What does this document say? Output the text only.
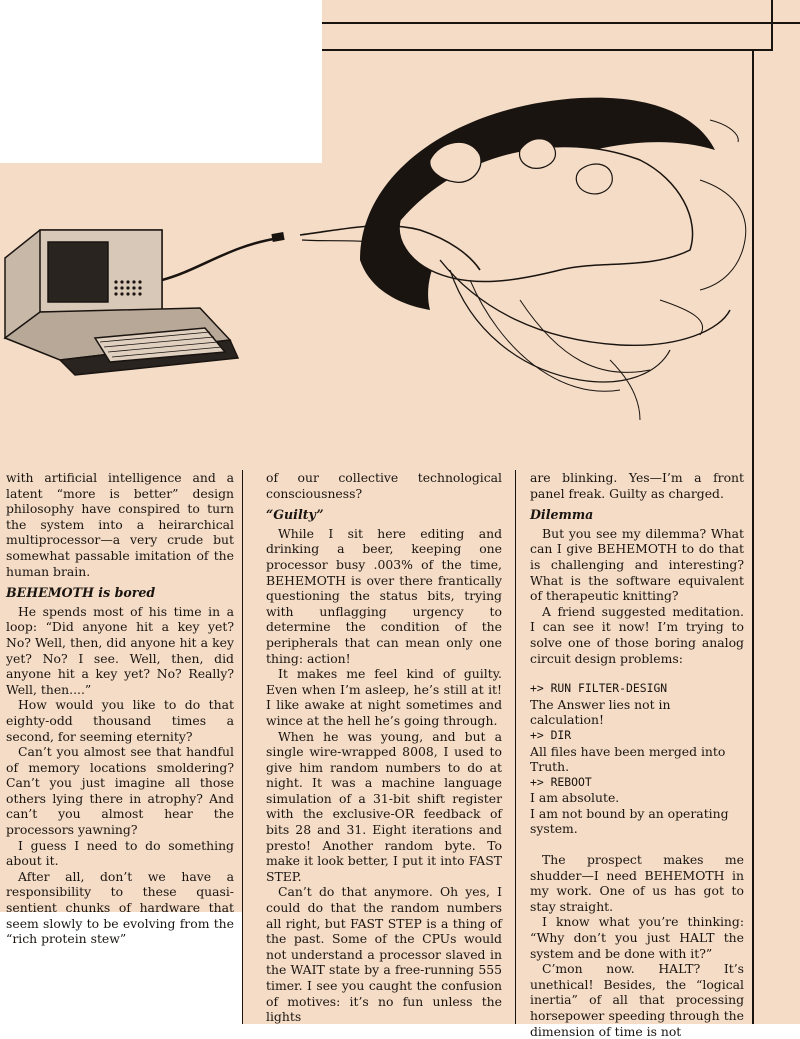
with artificial intelligence and a latent “more is better” design philosophy have conspired to turn the system into a heirarchical multiprocessor—a very crude but somewhat passable imitation of the human brain.

BEHEMOTH is bored

He spends most of his time in a loop: “Did anyone hit a key yet? No? Well, then, did anyone hit a key yet? No? I see. Well, then, did anyone hit a key yet? No? Really? Well, then....”

How would you like to do that eighty-odd thousand times a second, for seeming eternity?

Can’t you almost see that handful of memory locations smoldering? Can’t you just imagine all those others lying there in atrophy? And can’t you almost hear the processors yawning?

I guess I need to do something about it.

After all, don’t we have a responsibility to these quasi-sentient chunks of hardware that seem slowly to be evolving from the “rich protein stew”

of our collective technological consciousness?

“Guilty”

While I sit here editing and drinking a beer, keeping one processor busy .003% of the time, BEHEMOTH is over there frantically questioning the status bits, trying with unflagging urgency to determine the condition of the peripherals that can mean only one thing: action!

It makes me feel kind of guilty. Even when I’m asleep, he’s still at it! I like awake at night sometimes and wince at the hell he’s going through.

When he was young, and but a single wire-wrapped 8008, I used to give him random numbers to do at night. It was a machine language simulation of a 31-bit shift register with the exclusive-OR feedback of bits 28 and 31. Eight iterations and presto! Another random byte. To make it look better, I put it into FAST STEP.

Can’t do that anymore. Oh yes, I could do that the random numbers all right, but FAST STEP is a thing of the past. Some of the CPUs would not understand a processor slaved in the WAIT state by a free-running 555 timer. I see you caught the confusion of motives: it’s no fun unless the lights

are blinking. Yes—I’m a front panel freak. Guilty as charged.

Dilemma

But you see my dilemma? What can I give BEHEMOTH to do that is challenging and interesting? What is the software equivalent of therapeutic knitting?

A friend suggested meditation. I can see it now! I’m trying to solve one of those boring analog circuit design problems:

+> RUN FILTER-DESIGN

The Answer lies not in calculation!

+> DIR

All files have been merged into Truth.

+> REBOOT

I am absolute.

I am not bound by an operating system.

The prospect makes me shudder—I need BEHEMOTH in my work. One of us has got to stay straight.

I know what you’re thinking: “Why don’t you just HALT the system and be done with it?”

C’mon now. HALT? It’s unethical! Besides, the “logical inertia” of all that processing horsepower speeding through the dimension of time is not
